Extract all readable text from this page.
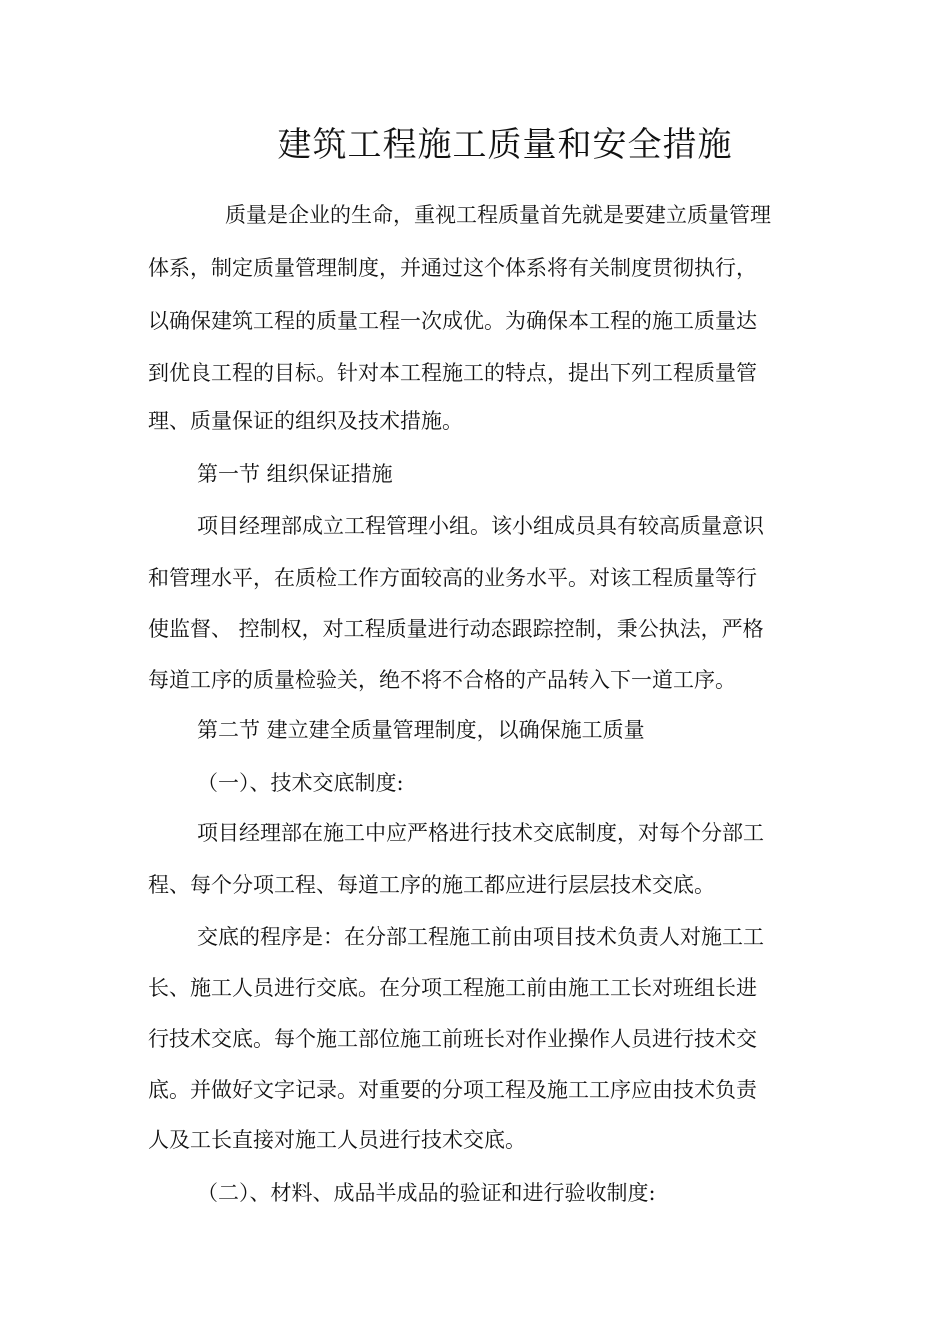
建筑工程施工质量和安全措施

质量是企业的生命，重视工程质量首先就是要建立质量管理

体系，制定质量管理制度，并通过这个体系将有关制度贯彻执行，

以确保建筑工程的质量工程一次成优。为确保本工程的施工质量达

到优良工程的目标。针对本工程施工的特点，提出下列工程质量管

理、质量保证的组织及技术措施。

第一节 组织保证措施

项目经理部成立工程管理小组。该小组成员具有较高质量意识

和管理水平，在质检工作方面较高的业务水平。对该工程质量等行

使监督、 控制权，对工程质量进行动态跟踪控制，秉公执法，严格

每道工序的质量检验关，绝不将不合格的产品转入下一道工序。

第二节 建立建全质量管理制度，以确保施工质量

（一）、技术交底制度:

项目经理部在施工中应严格进行技术交底制度，对每个分部工

程、每个分项工程、每道工序的施工都应进行层层技术交底。

交底的程序是：在分部工程施工前由项目技术负责人对施工工

长、施工人员进行交底。在分项工程施工前由施工工长对班组长进

行技术交底。每个施工部位施工前班长对作业操作人员进行技术交

底。并做好文字记录。对重要的分项工程及施工工序应由技术负责

人及工长直接对施工人员进行技术交底。

（二）、材料、成品半成品的验证和进行验收制度:
